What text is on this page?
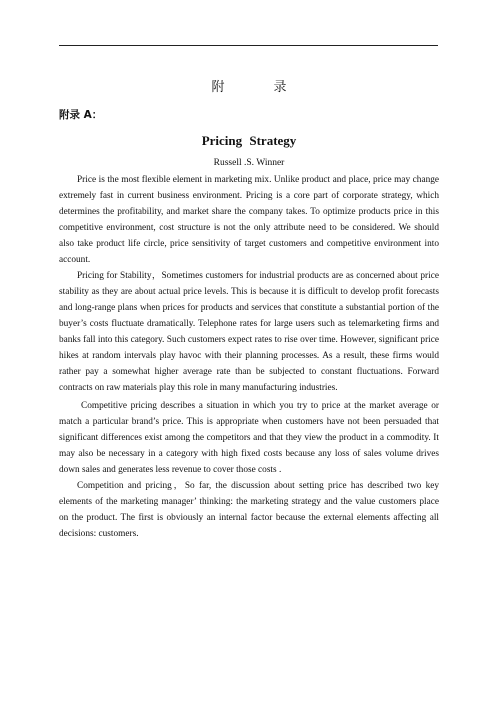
附　录
附录 A：
Pricing Strategy
Russell .S. Winner

Price is the most flexible element in marketing mix. Unlike product and place, price may change extremely fast in current business environment. Pricing is a core part of corporate strategy, which determines the profitability, and market share the company takes. To optimize products price in this competitive environment, cost structure is not the only attribute need to be considered. We should also take product life circle, price sensitivity of target customers and competitive environment into account.

Pricing for Stability，Sometimes customers for industrial products are as concerned about price stability as they are about actual price levels. This is because it is difficult to develop profit forecasts and long-range plans when prices for products and services that constitute a substantial portion of the buyer’s costs fluctuate dramatically. Telephone rates for large users such as telemarketing firms and banks fall into this category. Such customers expect rates to rise over time. However, significant price hikes at random intervals play havoc with their planning processes. As a result, these firms would rather pay a somewhat higher average rate than be subjected to constant fluctuations. Forward contracts on raw materials play this role in many manufacturing industries.

Competitive pricing describes a situation in which you try to price at the market average or match a particular brand’s price. This is appropriate when customers have not been persuaded that significant differences exist among the competitors and that they view the product in a commodity. It may also be necessary in a category with high fixed costs because any loss of sales volume drives down sales and generates less revenue to cover those costs .

Competition and pricing，So far, the discussion about setting price has described two key elements of the marketing manager’ thinking: the marketing strategy and the value customers place on the product. The first is obviously an internal factor because the external elements affecting all decisions: customers.
